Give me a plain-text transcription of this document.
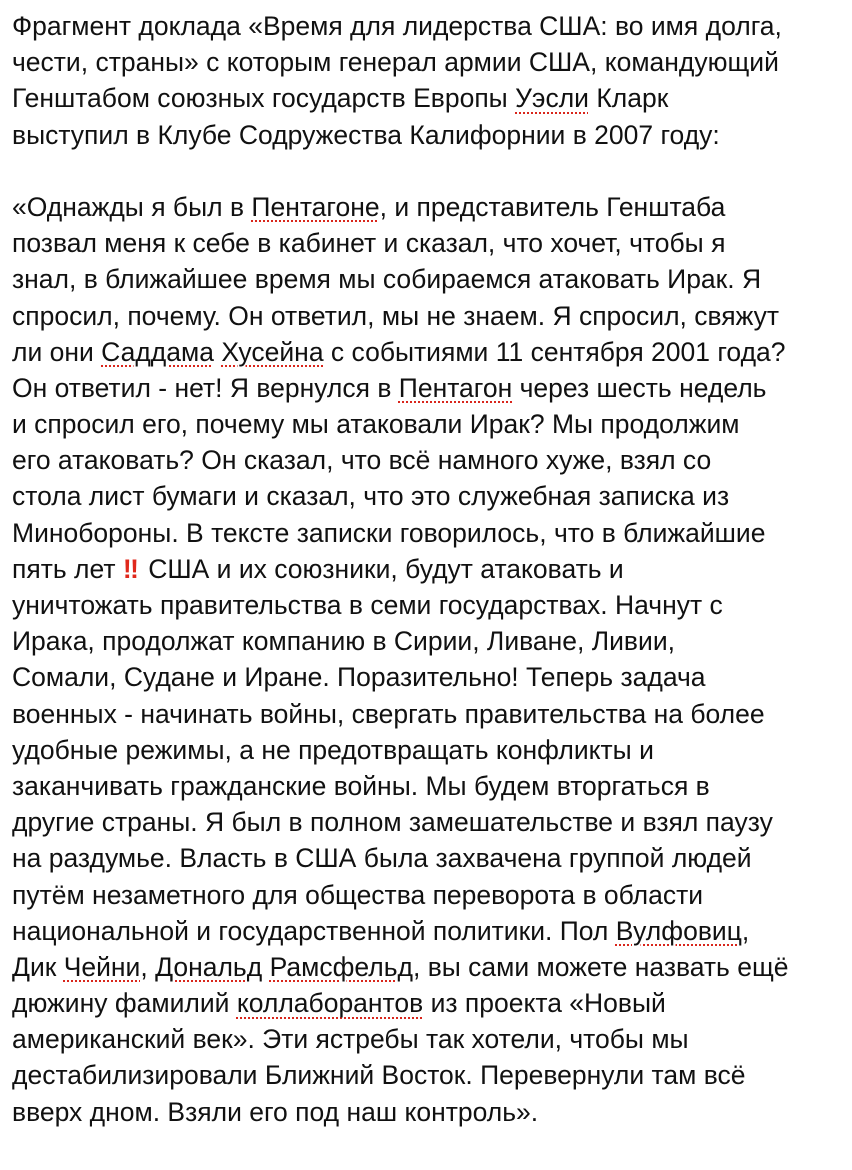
Фрагмент доклада «Время для лидерства США: во имя долга,
чести, страны» с которым генерал армии США, командующий
Генштабом союзных государств Европы Уэсли Кларк
выступил в Клубе Содружества Калифорнии в 2007 году:
«Однажды я был в Пентагоне, и представитель Генштаба
позвал меня к себе в кабинет и сказал, что хочет, чтобы я
знал, в ближайшее время мы собираемся атаковать Ирак. Я
спросил, почему. Он ответил, мы не знаем. Я спросил, свяжут
ли они Саддама Хусейна с событиями 11 сентября 2001 года?
Он ответил - нет! Я вернулся в Пентагон через шесть недель
и спросил его, почему мы атаковали Ирак? Мы продолжим
его атаковать? Он сказал, что всё намного хуже, взял со
стола лист бумаги и сказал, что это служебная записка из
Минобороны. В тексте записки говорилось, что в ближайшие
пять лет ‼ США и их союзники, будут атаковать и
уничтожать правительства в семи государствах. Начнут с
Ирака, продолжат компанию в Сирии, Ливане, Ливии,
Сомали, Судане и Иране. Поразительно! Теперь задача
военных - начинать войны, свергать правительства на более
удобные режимы, а не предотвращать конфликты и
заканчивать гражданские войны. Мы будем вторгаться в
другие страны. Я был в полном замешательстве и взял паузу
на раздумье. Власть в США была захвачена группой людей
путём незаметного для общества переворота в области
национальной и государственной политики. Пол Вулфовиц,
Дик Чейни, Дональд Рамсфельд, вы сами можете назвать ещё
дюжину фамилий коллаборантов из проекта «Новый
американский век». Эти ястребы так хотели, чтобы мы
дестабилизировали Ближний Восток. Перевернули там всё
вверх дном. Взяли его под наш контроль».
